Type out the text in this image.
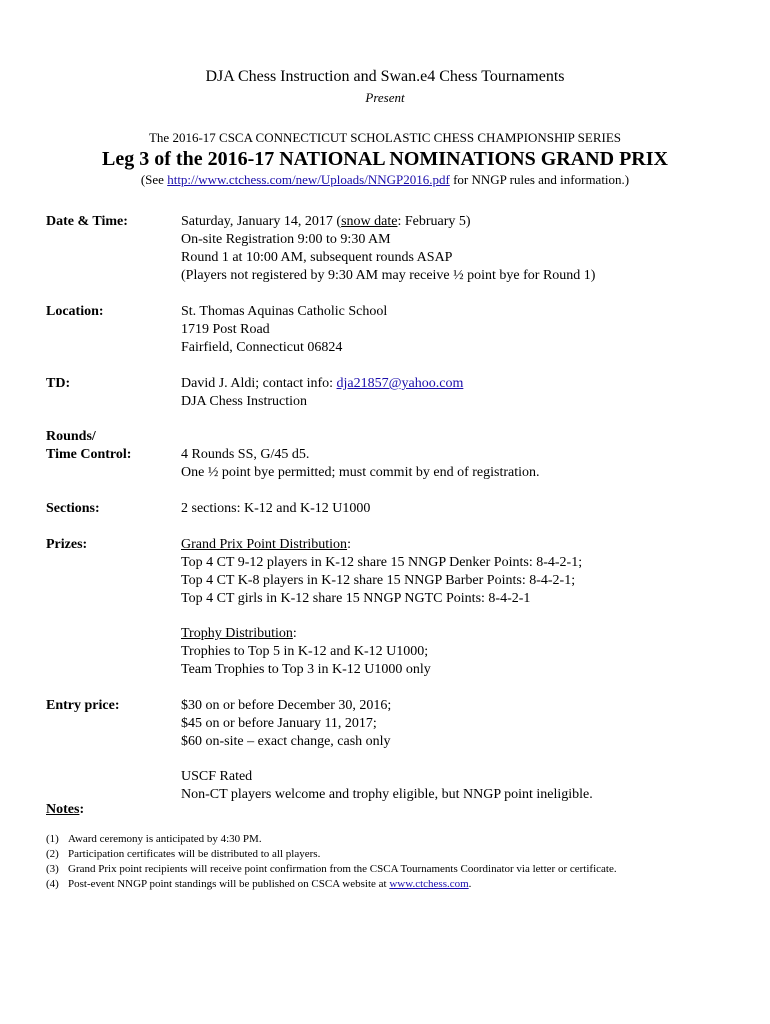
DJA Chess Instruction and Swan.e4 Chess Tournaments
Present
The 2016-17 CSCA CONNECTICUT SCHOLASTIC CHESS CHAMPIONSHIP SERIES
Leg 3 of the 2016-17 NATIONAL NOMINATIONS GRAND PRIX
(See http://www.ctchess.com/new/Uploads/NNGP2016.pdf for NNGP rules and information.)
Date & Time:	Saturday, January 14, 2017 (snow date: February 5)
On-site Registration 9:00 to 9:30 AM
Round 1 at 10:00 AM, subsequent rounds ASAP
(Players not registered by 9:30 AM may receive ½ point bye for Round 1)
Location:	St. Thomas Aquinas Catholic School
1719 Post Road
Fairfield, Connecticut 06824
TD:	David J. Aldi; contact info: dja21857@yahoo.com
DJA Chess Instruction
Rounds/
Time Control:	4 Rounds SS, G/45 d5.
One ½ point bye permitted; must commit by end of registration.
Sections:	2 sections: K-12 and K-12 U1000
Prizes:	Grand Prix Point Distribution:
Top 4 CT 9-12 players in K-12 share 15 NNGP Denker Points: 8-4-2-1;
Top 4 CT K-8 players in K-12 share 15 NNGP Barber Points: 8-4-2-1;
Top 4 CT girls in K-12 share 15 NNGP NGTC Points: 8-4-2-1
Trophy Distribution:
Trophies to Top 5 in K-12 and K-12 U1000;
Team Trophies to Top 3 in K-12 U1000 only
Entry price:	$30 on or before December 30, 2016;
$45 on or before January 11, 2017;
$60 on-site – exact change, cash only
USCF Rated
Non-CT players welcome and trophy eligible, but NNGP point ineligible.
Notes:
(1) Award ceremony is anticipated by 4:30 PM.
(2) Participation certificates will be distributed to all players.
(3) Grand Prix point recipients will receive point confirmation from the CSCA Tournaments Coordinator via letter or certificate.
(4) Post-event NNGP point standings will be published on CSCA website at www.ctchess.com.
